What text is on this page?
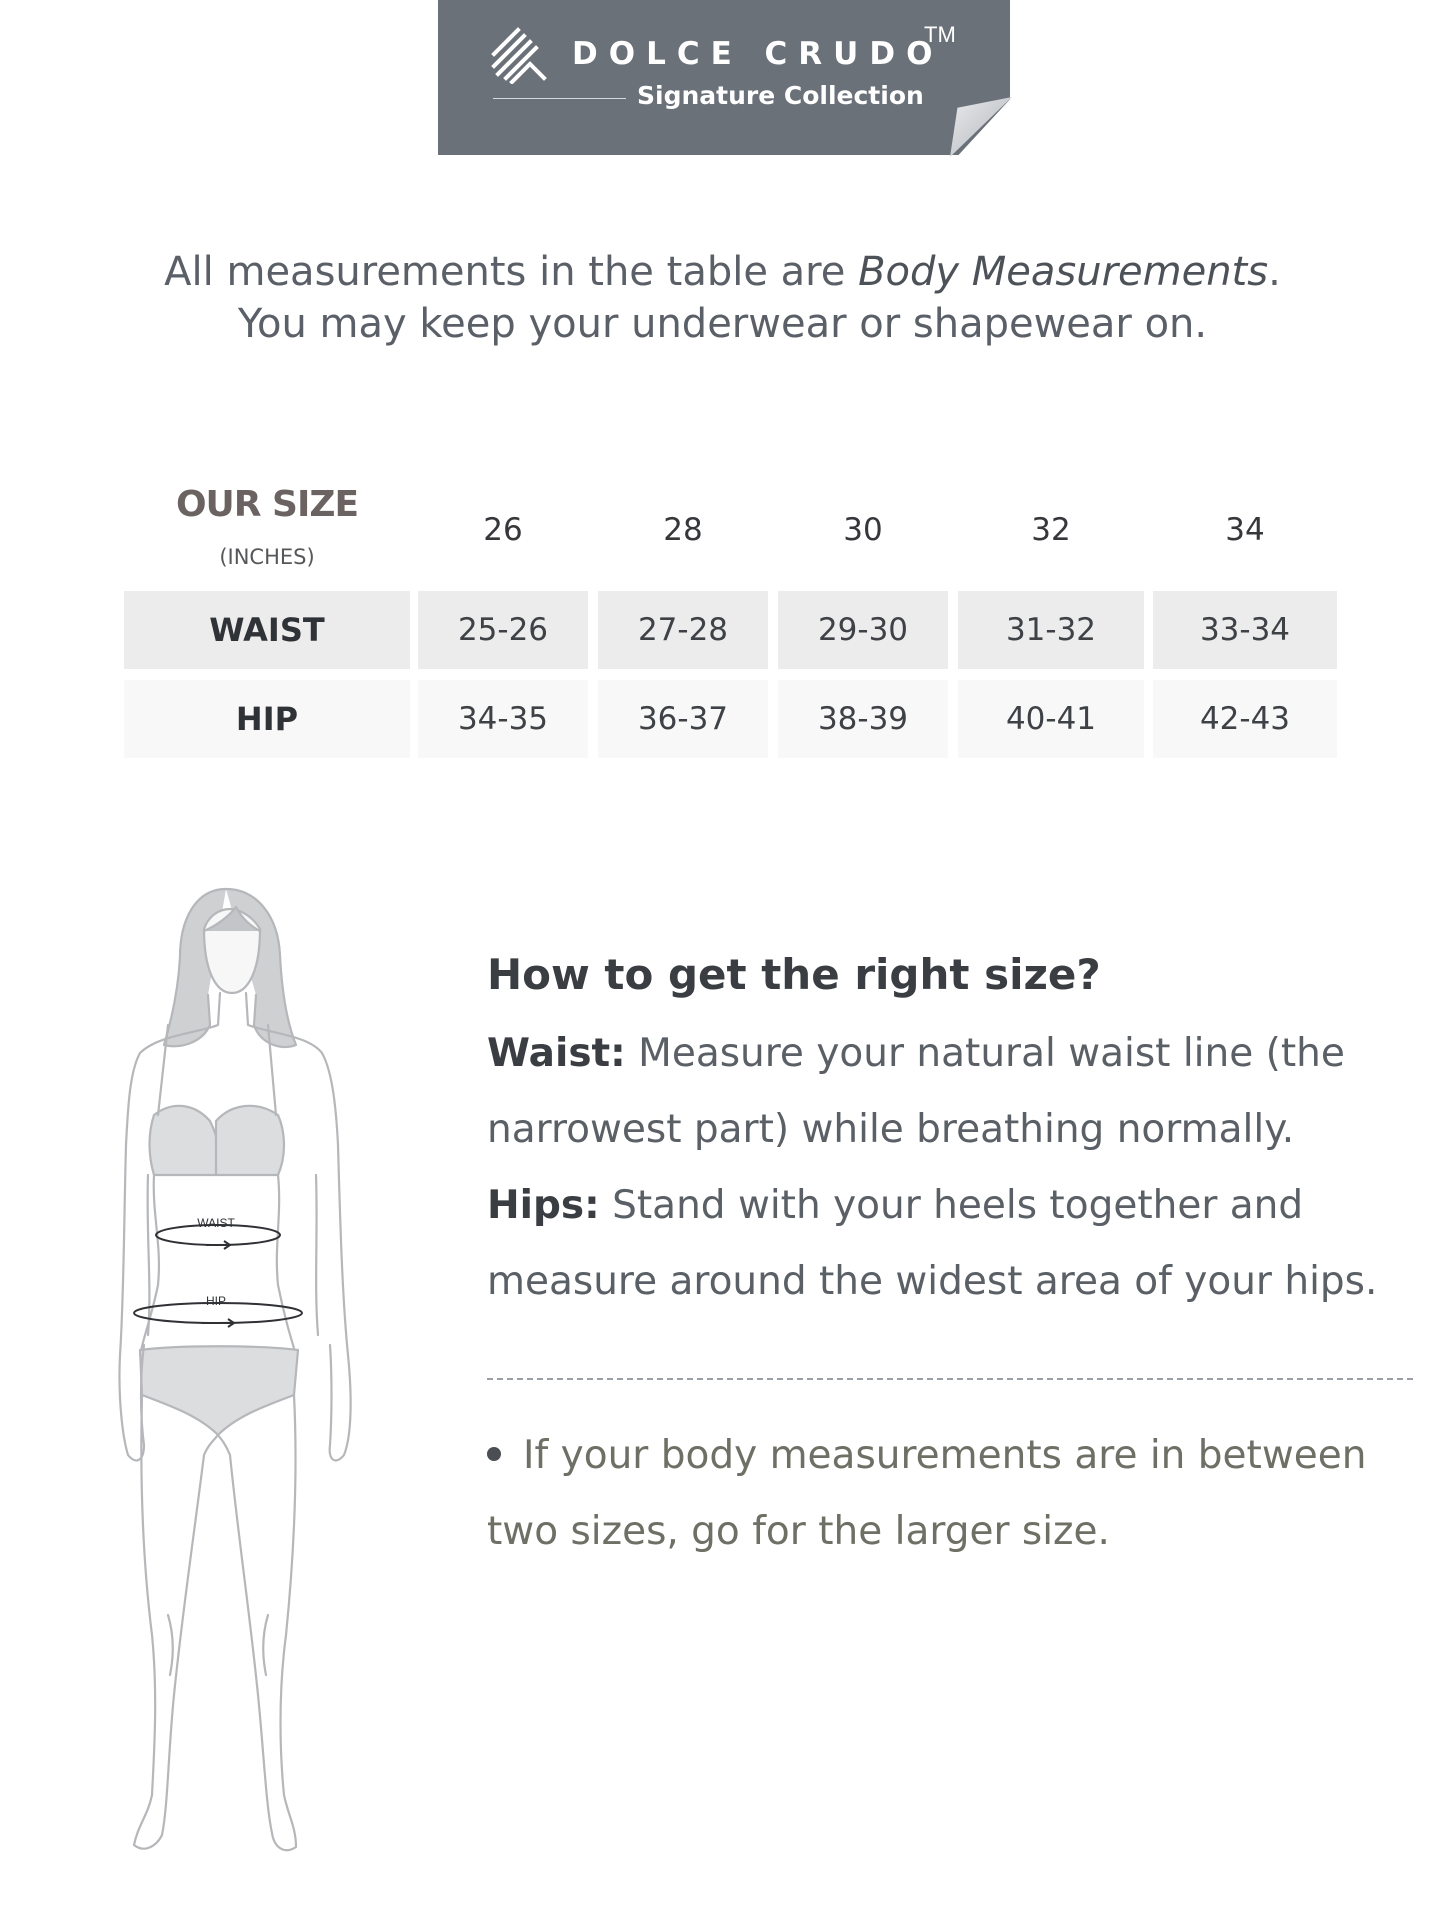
DOLCE CRUDO
TM
Signature Collection
All measurements in the table are Body Measurements.
You may keep your underwear or shapewear on.
OUR SIZE
(INCHES)
26	28	30	32	34
WAIST	25-26	27-28	29-30	31-32	33-34
HIP	34-35	36-37	38-39	40-41	42-43
WAIST
HIP
How to get the right size?
Waist: Measure your natural waist line (the narrowest part) while breathing normally.
Hips: Stand with your heels together and measure around the widest area of your hips.
If your body measurements are in between two sizes, go for the larger size.
